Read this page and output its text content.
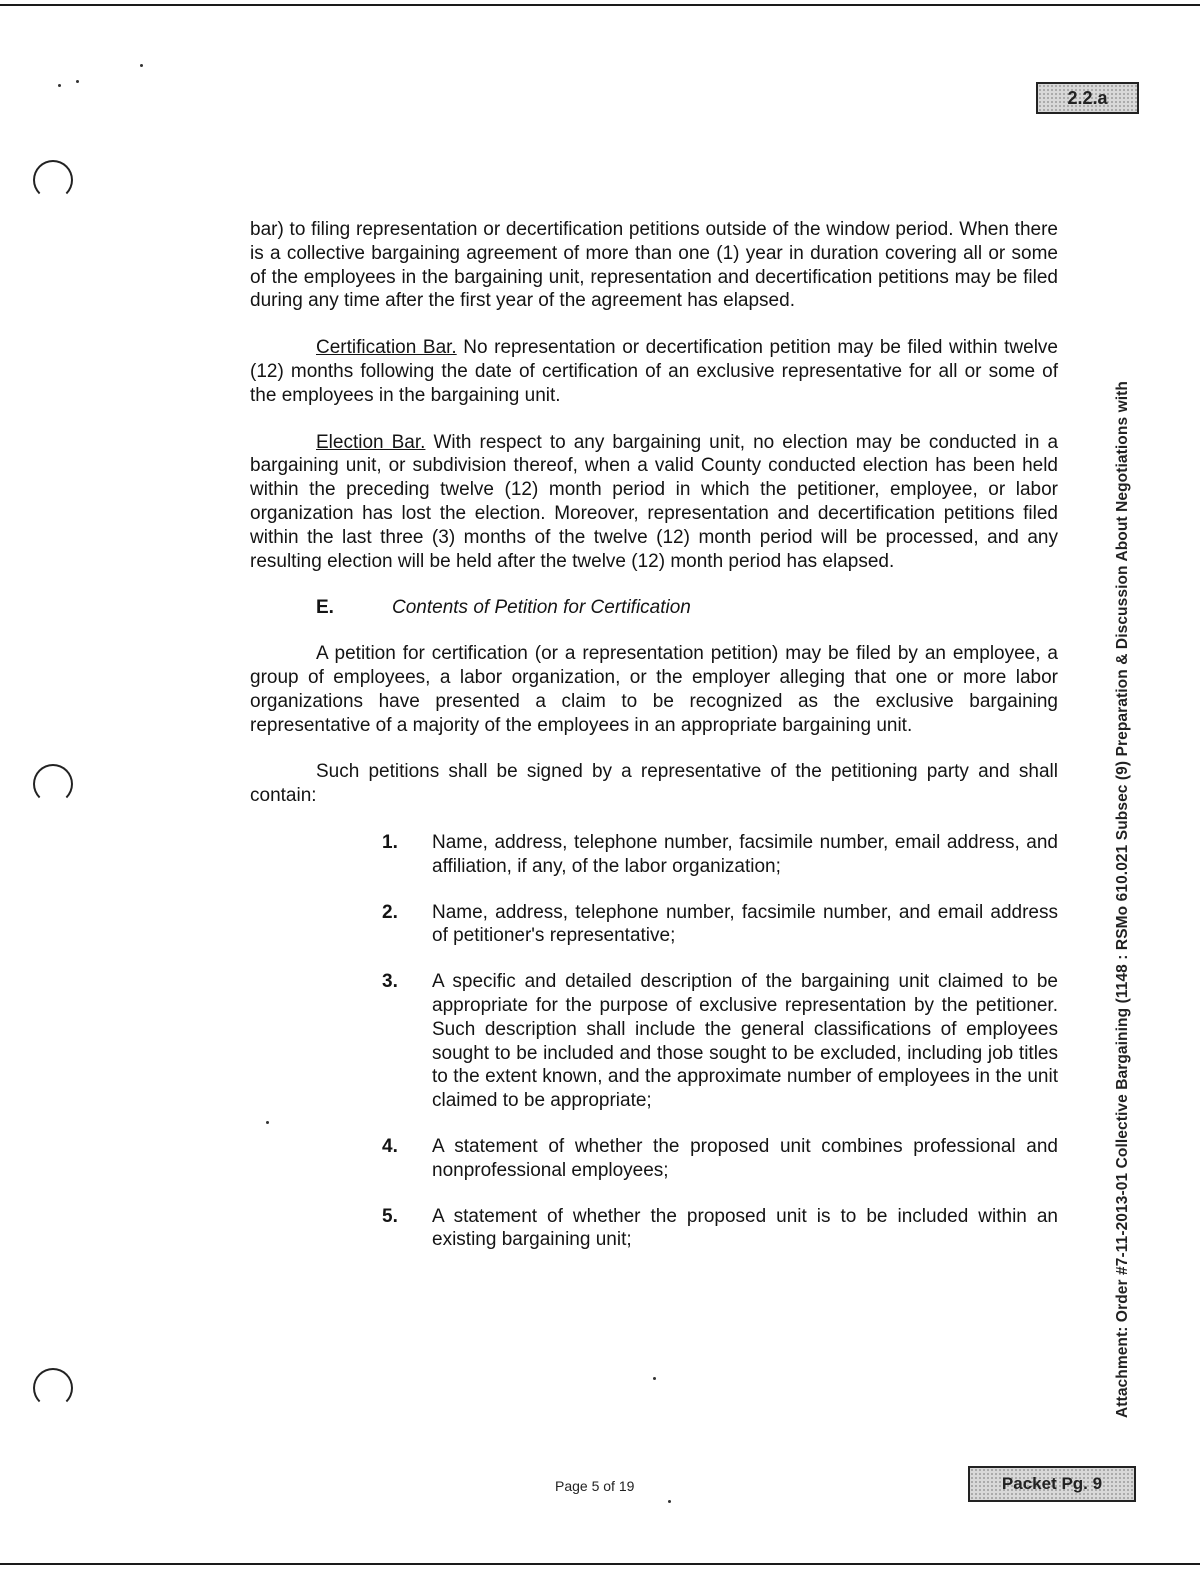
2.2.a
Attachment: Order #7-11-2013-01 Collective Bargaining (1148 : RSMo 610.021 Subsec (9) Preparation & Discussion About Negotiations with

bar) to filing representation or decertification petitions outside of the window period. When there is a collective bargaining agreement of more than one (1) year in duration covering all or some of the employees in the bargaining unit, representation and decertification petitions may be filed during any time after the first year of the agreement has elapsed.

Certification Bar. No representation or decertification petition may be filed within twelve (12) months following the date of certification of an exclusive representative for all or some of the employees in the bargaining unit.

Election Bar. With respect to any bargaining unit, no election may be conducted in a bargaining unit, or subdivision thereof, when a valid County conducted election has been held within the preceding twelve (12) month period in which the petitioner, employee, or labor organization has lost the election. Moreover, representation and decertification petitions filed within the last three (3) months of the twelve (12) month period will be processed, and any resulting election will be held after the twelve (12) month period has elapsed.

E.	Contents of Petition for Certification

A petition for certification (or a representation petition) may be filed by an employee, a group of employees, a labor organization, or the employer alleging that one or more labor organizations have presented a claim to be recognized as the exclusive bargaining representative of a majority of the employees in an appropriate bargaining unit.

Such petitions shall be signed by a representative of the petitioning party and shall contain:

1. Name, address, telephone number, facsimile number, email address, and affiliation, if any, of the labor organization;
2. Name, address, telephone number, facsimile number, and email address of petitioner's representative;
3. A specific and detailed description of the bargaining unit claimed to be appropriate for the purpose of exclusive representation by the petitioner. Such description shall include the general classifications of employees sought to be included and those sought to be excluded, including job titles to the extent known, and the approximate number of employees in the unit claimed to be appropriate;
4. A statement of whether the proposed unit combines professional and nonprofessional employees;
5. A statement of whether the proposed unit is to be included within an existing bargaining unit;
Page 5 of 19	Packet Pg. 9
